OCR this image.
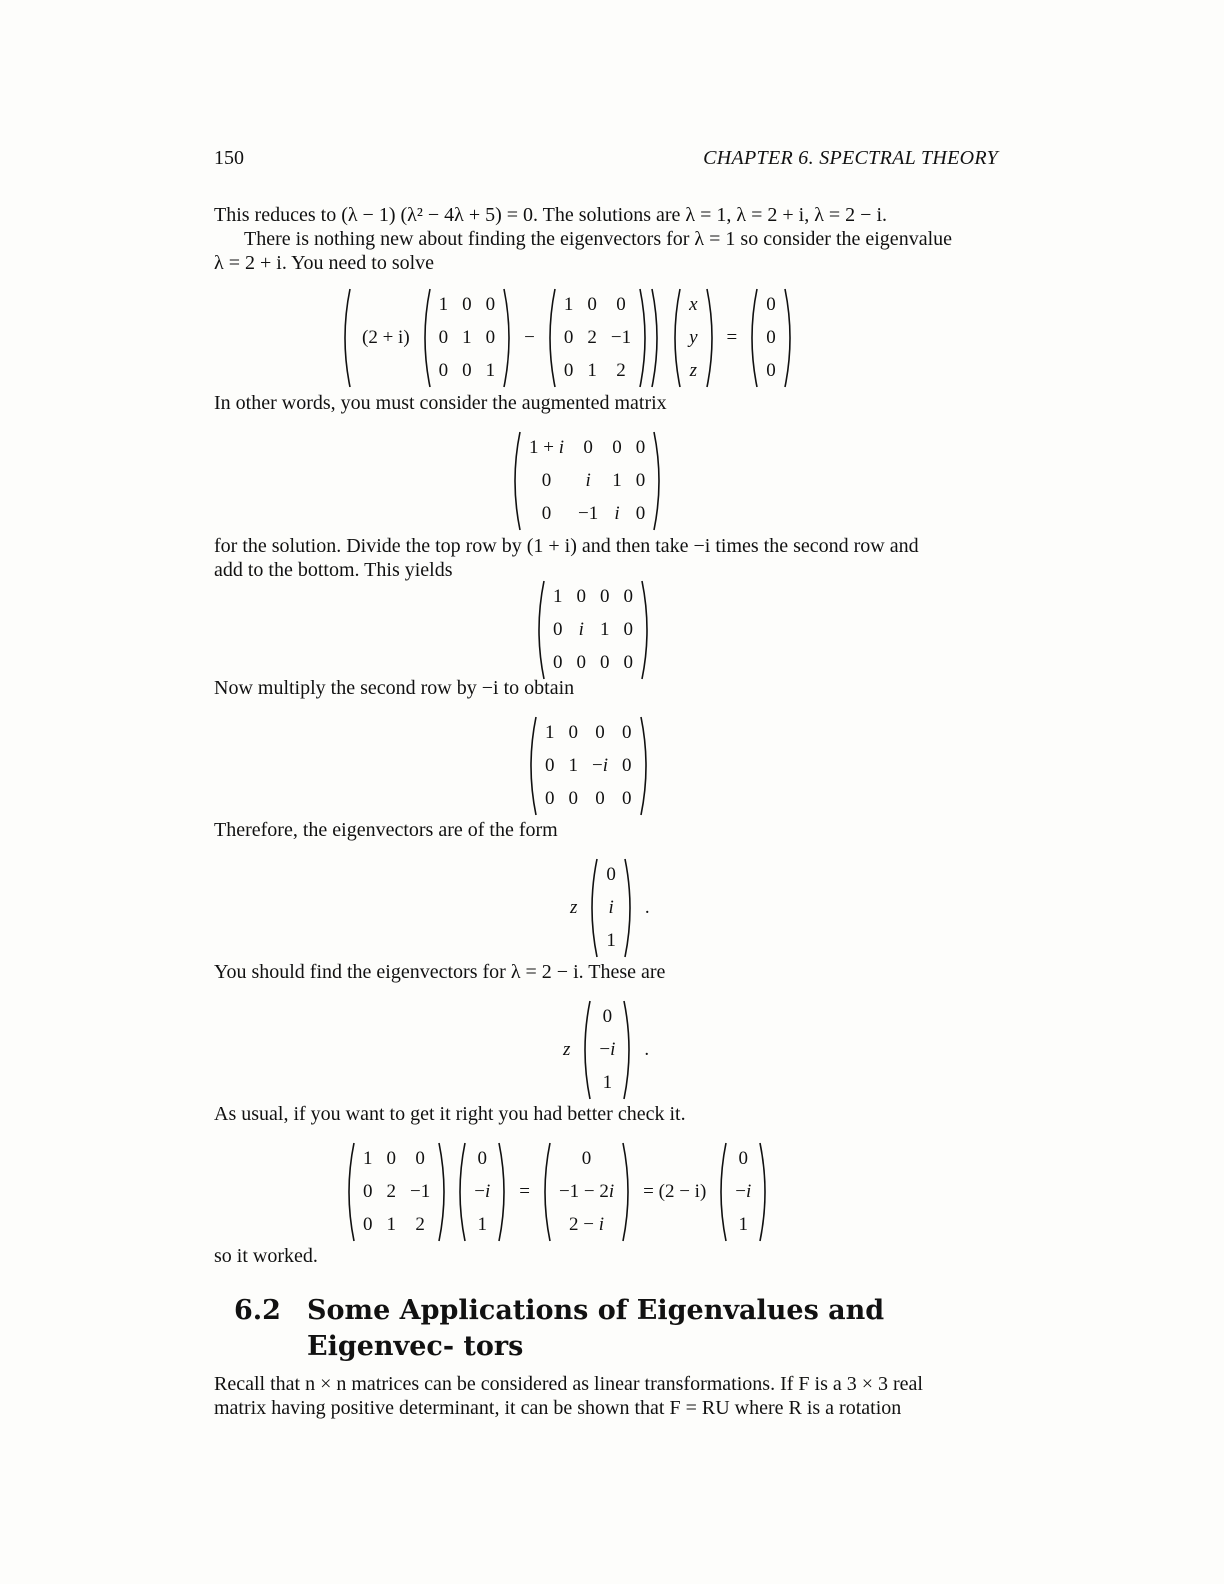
150	CHAPTER 6. SPECTRAL THEORY
This reduces to (λ − 1) (λ² − 4λ + 5) = 0. The solutions are λ = 1, λ = 2 + i, λ = 2 − i.
There is nothing new about finding the eigenvectors for λ = 1 so consider the eigenvalue
λ = 2 + i. You need to solve
(2 + i)
1	0	0
0	1	0
0	0	1
−
1	0	0
0	2	−1
0	1	2
x
y
z
=
0
0
0
In other words, you must consider the augmented matrix
1 + i	0	0	0
0	i	1	0
0	−1	i	0
for the solution. Divide the top row by (1 + i) and then take −i times the second row and
add to the bottom. This yields
1	0	0	0
0	i	1	0
0	0	0	0
Now multiply the second row by −i to obtain
1	0	0	0
0	1	−i	0
0	0	0	0
Therefore, the eigenvectors are of the form
z
0
i
1
.
You should find the eigenvectors for λ = 2 − i. These are
z
0
−i
1
.
As usual, if you want to get it right you had better check it.
1	0	0
0	2	−1
0	1	2
0
−i
1
=
0
−1 − 2i
2 − i
= (2 − i)
0
−i
1
so it worked.
6.2 Some Applications of Eigenvalues and Eigenvec- tors
Recall that n × n matrices can be considered as linear transformations. If F is a 3 × 3 real
matrix having positive determinant, it can be shown that F = RU where R is a rotation
